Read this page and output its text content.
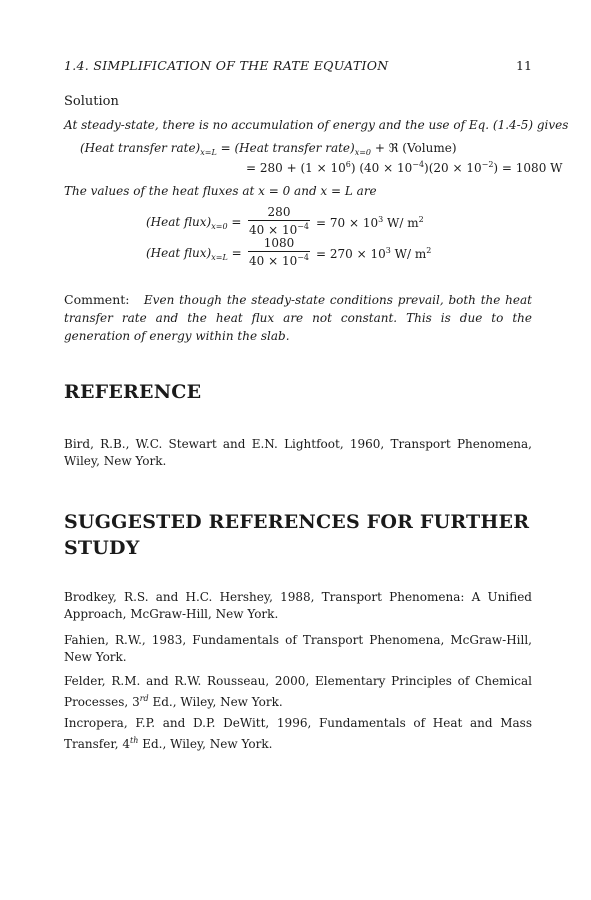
1.4. SIMPLIFICATION OF THE RATE EQUATION	11
Solution
At steady-state, there is no accumulation of energy and the use of Eq. (1.4-5) gives
(Heat transfer $rate)_{x=L}$ = (Heat transfer $rate)_{x=0}$ + ℜ (Volume)
= $280 + (1 \times 10^6)$ $(40 \times 10^{-4})(20 \times 10^{-2}) = 1080$ W
The values of the heat fluxes at x = 0 and x = L are
(Heat $flux)_{x=0}$ =
280
$40 \times 10^{-4} = 70 \times 10^3$ W/ $m^2$
(Heat $flux)_{x=L}$ =
1080
$40 \times 10^{-4} = 270 \times 10^3$ W/ $m^2$
Comment: Even though the steady-state conditions prevail, both the heat transfer rate and the heat flux are not constant. This is due to the generation of energy within the slab.
REFERENCE
Bird, R.B., W.C. Stewart and E.N. Lightfoot, 1960, Transport Phenomena, Wiley, New York.
SUGGESTED REFERENCES FOR FURTHER STUDY
Brodkey, R.S. and H.C. Hershey, 1988, Transport Phenomena: A Unified Approach, McGraw-Hill, New York.
Fahien, R.W., 1983, Fundamentals of Transport Phenomena, McGraw-Hill, New York.
Felder, R.M. and R.W. Rousseau, 2000, Elementary Principles of Chemical Processes, 3rd Ed., Wiley, New York.
Incropera, F.P. and D.P. DeWitt, 1996, Fundamentals of Heat and Mass Transfer, 4th Ed., Wiley, New York.
